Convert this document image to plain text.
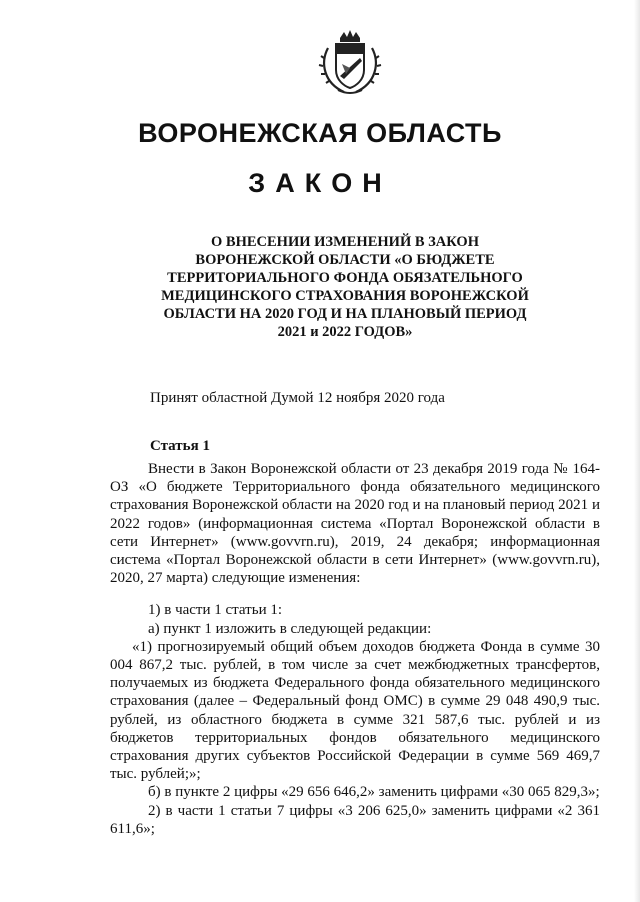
ВОРОНЕЖСКАЯ ОБЛАСТЬ
ЗАКОН
О ВНЕСЕНИИ ИЗМЕНЕНИЙ В ЗАКОН ВОРОНЕЖСКОЙ ОБЛАСТИ «О БЮДЖЕТЕ ТЕРРИТОРИАЛЬНОГО ФОНДА ОБЯЗАТЕЛЬНОГО МЕДИЦИНСКОГО СТРАХОВАНИЯ ВОРОНЕЖСКОЙ ОБЛАСТИ НА 2020 ГОД И НА ПЛАНОВЫЙ ПЕРИОД 2021 и 2022 ГОДОВ»
Принят областной Думой 12 ноября 2020 года
Статья 1

Внести в Закон Воронежской области от 23 декабря 2019 года № 164-ОЗ «О бюджете Территориального фонда обязательного медицинского страхования Воронежской области на 2020 год и на плановый период 2021 и 2022 годов» (информационная система «Портал Воронежской области в сети Интернет» (www.govvrn.ru), 2019, 24 декабря; информационная система «Портал Воронежской области в сети Интернет» (www.govvrn.ru), 2020, 27 марта) следующие изменения:

1) в части 1 статьи 1:

а) пункт 1 изложить в следующей редакции:

«1) прогнозируемый общий объем доходов бюджета Фонда в сумме 30 004 867,2 тыс. рублей, в том числе за счет межбюджетных трансфертов, получаемых из бюджета Федерального фонда обязательного медицинского страхования (далее – Федеральный фонд ОМС) в сумме 29 048 490,9 тыс. рублей, из областного бюджета в сумме 321 587,6 тыс. рублей и из бюджетов территориальных фондов обязательного медицинского страхования других субъектов Российской Федерации в сумме 569 469,7 тыс. рублей;»;

б) в пункте 2 цифры «29 656 646,2» заменить цифрами «30 065 829,3»;

2) в части 1 статьи 7 цифры «3 206 625,0» заменить цифрами «2 361 611,6»;
